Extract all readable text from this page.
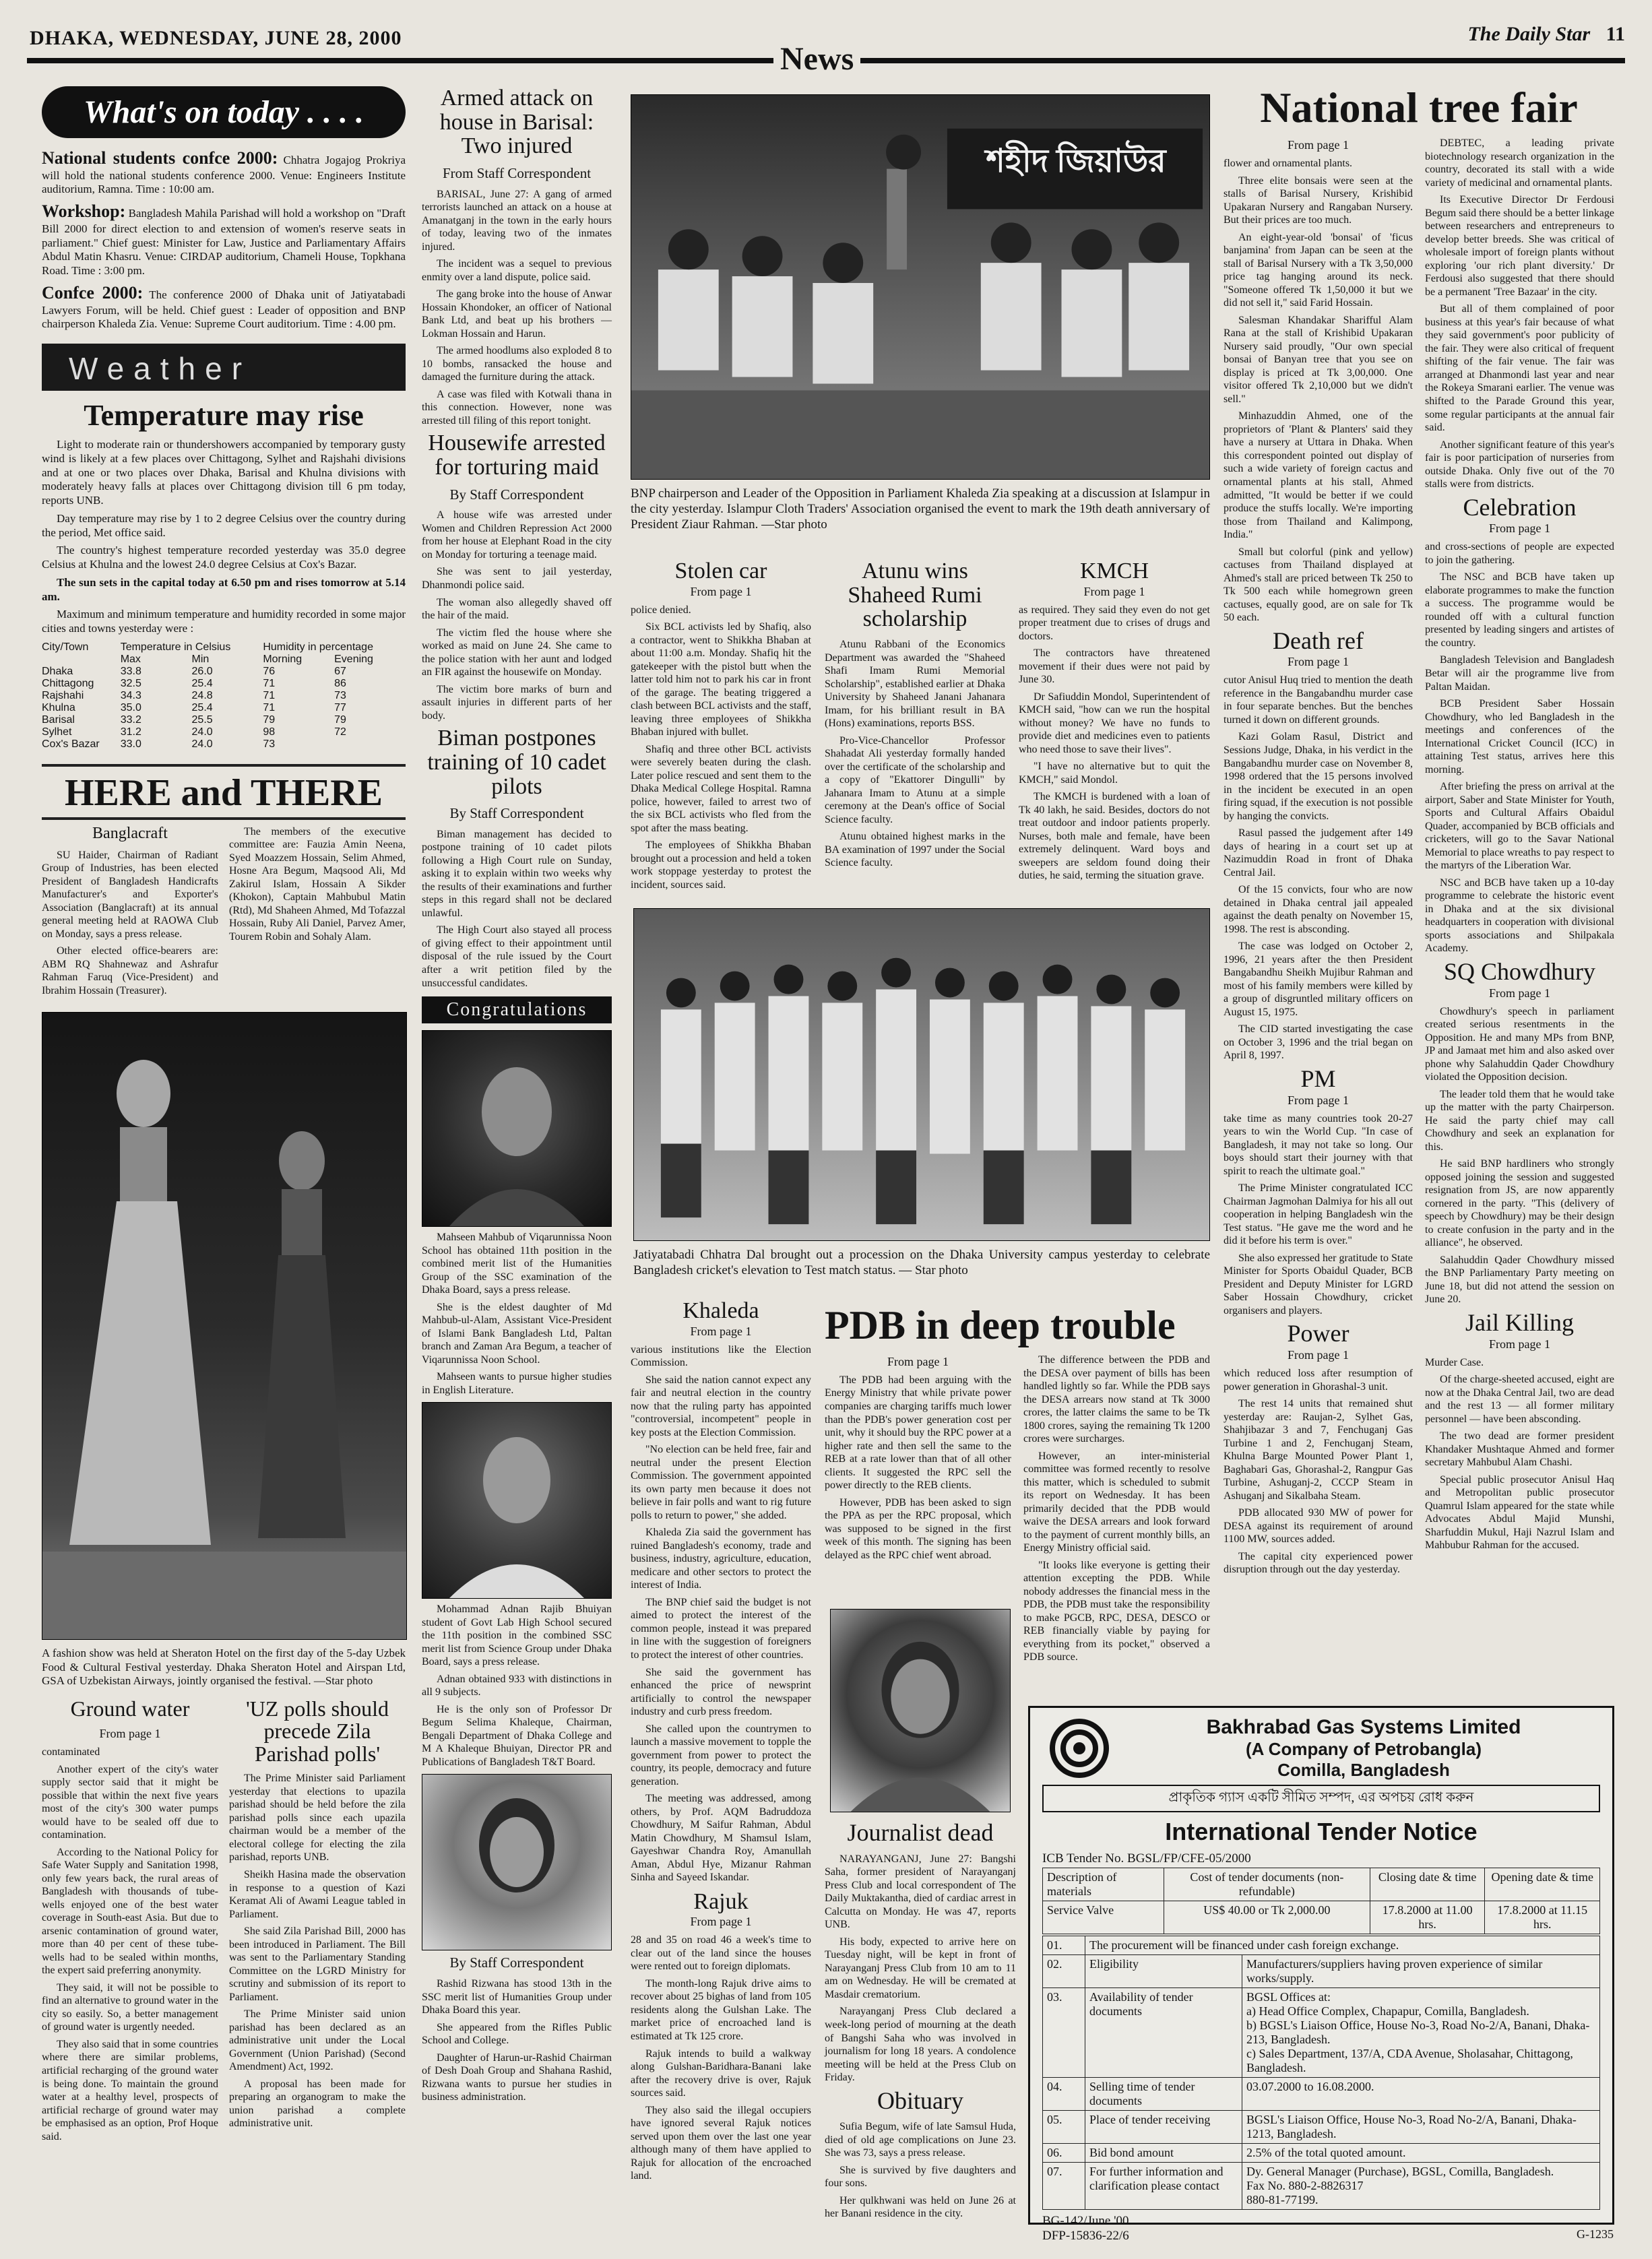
DHAKA, WEDNESDAY, JUNE 28, 2000	The Daily Star 11
News
What's on today . . . .

National students confce 2000: Chhatra Jogajog Prokriya will hold the national students conference 2000. Venue: Engineers Institute auditorium, Ramna. Time : 10:00 am.

Workshop: Bangladesh Mahila Parishad will hold a workshop on "Draft Bill 2000 for direct election to and extension of women's reserve seats in parliament." Chief guest: Minister for Law, Justice and Parliamentary Affairs Abdul Matin Khasru. Venue: CIRDAP auditorium, Chameli House, Topkhana Road. Time : 3:00 pm.

Confce 2000: The conference 2000 of Dhaka unit of Jatiyatabadi Lawyers Forum, will be held. Chief guest : Leader of opposition and BNP chairperson Khaleda Zia. Venue: Supreme Court auditorium. Time : 4.00 pm.

Weather
Temperature may rise

Light to moderate rain or thundershowers accompanied by temporary gusty wind is likely at a few places over Chittagong, Sylhet and Rajshahi divisions and at one or two places over Dhaka, Barisal and Khulna divisions with moderately heavy falls at places over Chittagong division till 6 pm today, reports UNB.

Day temperature may rise by 1 to 2 degree Celsius over the country during the period, Met office said.

The country's highest temperature recorded yesterday was 35.0 degree Celsius at Khulna and the lowest 24.0 degree Celsius at Cox's Bazar.

The sun sets in the capital today at 6.50 pm and rises tomorrow at 5.14 am.

Maximum and minimum temperature and humidity recorded in some major cities and towns yesterday were :

City/Town	Temperature in Celsius		Humidity in percentage	
	Max	Min	Morning	Evening
Dhaka	33.8	26.0	76	67
Chittagong	32.5	25.4	71	86
Rajshahi	34.3	24.8	71	73
Khulna	35.0	25.4	71	77
Barisal	33.2	25.5	79	79
Sylhet	31.2	24.0	98	72
Cox's Bazar	33.0	24.0	73	
HERE and THERE
Banglacraft

SU Haider, Chairman of Radiant Group of Industries, has been elected President of Bangladesh Handicrafts Manufacturer's and Exporter's Association (Banglacraft) at its annual general meeting held at RAOWA Club on Monday, says a press release.

Other elected office-bearers are: ABM RQ Shahnewaz and Ashrafur Rahman Faruq (Vice-President) and Ibrahim Hossain (Treasurer).

The members of the executive committee are: Fauzia Amin Neena, Syed Moazzem Hossain, Selim Ahmed, Hosne Ara Begum, Maqsood Ali, Md Zakirul Islam, Hossain A Sikder (Khokon), Captain Mahbubul Matin (Rtd), Md Shaheen Ahmed, Md Tofazzal Hossain, Ruby Ali Daniel, Parvez Amer, Tourem Robin and Sohaly Alam.

A fashion show was held at Sheraton Hotel on the first day of the 5-day Uzbek Food & Cultural Festival yesterday. Dhaka Sheraton Hotel and Airspan Ltd, GSA of Uzbekistan Airways, jointly organised the festival. —Star photo
Ground water
From page 1

contaminated

Another expert of the city's water supply sector said that it might be possible that within the next five years most of the city's 300 water pumps would have to be sealed off due to contamination.

According to the National Policy for Safe Water Supply and Sanitation 1998, only few years back, the rural areas of Bangladesh with thousands of tube-wells enjoyed one of the best water coverage in South-east Asia. But due to arsenic contamination of ground water, more than 40 per cent of these tube-wells had to be sealed within months, the expert said preferring anonymity.

They said, it will not be possible to find an alternative to ground water in the city so easily. So, a better management of ground water is urgently needed.

They also said that in some countries where there are similar problems, artificial recharging of the ground water is being done. To maintain the ground water at a healthy level, prospects of artificial recharge of ground water may be emphasised as an option, Prof Hoque said.

'UZ polls should precede Zila Parishad polls'

The Prime Minister said Parliament yesterday that elections to upazila parishad should be held before the zila parishad polls since each upazila chairman would be a member of the electoral college for electing the zila parishad, reports UNB.

Sheikh Hasina made the observation in response to a question of Kazi Keramat Ali of Awami League tabled in Parliament.

She said Zila Parishad Bill, 2000 has been introduced in Parliament. The Bill was sent to the Parliamentary Standing Committee on the LGRD Ministry for scrutiny and submission of its report to Parliament.

The Prime Minister said union parishad has been declared as an administrative unit under the Local Government (Union Parishad) (Second Amendment) Act, 1992.

A proposal has been made for preparing an organogram to make the union parishad a complete administrative unit.

Armed attack on house in Barisal: Two injured
From Staff Correspondent

BARISAL, June 27: A gang of armed terrorists launched an attack on a house at Amanatganj in the town in the early hours of today, leaving two of the inmates injured.

The incident was a sequel to previous enmity over a land dispute, police said.

The gang broke into the house of Anwar Hossain Khondoker, an officer of National Bank Ltd, and beat up his brothers — Lokman Hossain and Harun.

The armed hoodlums also exploded 8 to 10 bombs, ransacked the house and damaged the furniture during the attack.

A case was filed with Kotwali thana in this connection. However, none was arrested till filing of this report tonight.

Housewife arrested for torturing maid
By Staff Correspondent

A house wife was arrested under Women and Children Repression Act 2000 from her house at Elephant Road in the city on Monday for torturing a teenage maid.

She was sent to jail yesterday, Dhanmondi police said.

The woman also allegedly shaved off the hair of the maid.

The victim fled the house where she worked as maid on June 24. She came to the police station with her aunt and lodged an FIR against the housewife on Monday.

The victim bore marks of burn and assault injuries in different parts of her body.

Biman postpones training of 10 cadet pilots
By Staff Correspondent

Biman management has decided to postpone training of 10 cadet pilots following a High Court rule on Sunday, asking it to explain within two weeks why the results of their examinations and further steps in this regard shall not be declared unlawful.

The High Court also stayed all process of giving effect to their appointment until disposal of the rule issued by the Court after a writ petition filed by the unsuccessful candidates.

Congratulations

Mahseen Mahbub of Viqarunnissa Noon School has obtained 11th position in the combined merit list of the Humanities Group of the SSC examination of the Dhaka Board, says a press release.

She is the eldest daughter of Md Mahbub-ul-Alam, Assistant Vice-President of Islami Bank Bangladesh Ltd, Paltan branch and Zaman Ara Begum, a teacher of Viqarunnissa Noon School.

Mahseen wants to pursue higher studies in English Literature.

Mohammad Adnan Rajib Bhuiyan student of Govt Lab High School secured the 11th position in the combined SSC merit list from Science Group under Dhaka Board, says a press release.

Adnan obtained 933 with distinctions in all 9 subjects.

He is the only son of Professor Dr Begum Selima Khaleque, Chairman, Bengali Department of Dhaka College and M A Khaleque Bhuiyan, Director PR and Publications of Bangladesh T&T Board.

By Staff Correspondent

Rashid Rizwana has stood 13th in the SSC merit list of Humanities Group under Dhaka Board this year.

She appeared from the Rifles Public School and College.

Daughter of Harun-ur-Rashid Chairman of Desh Doah Group and Shahana Rashid, Rizwana wants to pursue her studies in business administration.

শহীদ জিয়াউর
BNP chairperson and Leader of the Opposition in Parliament Khaleda Zia speaking at a discussion at Islampur in the city yesterday. Islampur Cloth Traders' Association organised the event to mark the 19th death anniversary of President Ziaur Rahman. —Star photo
Stolen car
From page 1

police denied.

Six BCL activists led by Shafiq, also a contractor, went to Shikkha Bhaban at about 11:00 a.m. Monday. Shafiq hit the gatekeeper with the pistol butt when the latter told him not to park his car in front of the garage. The beating triggered a clash between BCL activists and the staff, leaving three employees of Shikkha Bhaban injured with bullet.

Shafiq and three other BCL activists were severely beaten during the clash. Later police rescued and sent them to the Dhaka Medical College Hospital. Ramna police, however, failed to arrest two of the six BCL activists who fled from the spot after the mass beating.

The employees of Shikkha Bhaban brought out a procession and held a token work stoppage yesterday to protest the incident, sources said.

Atunu wins Shaheed Rumi scholarship

Atunu Rabbani of the Economics Department was awarded the "Shaheed Shafi Imam Rumi Memorial Scholarship", established earlier at Dhaka University by Shaheed Janani Jahanara Imam, for his brilliant result in BA (Hons) examinations, reports BSS.

Pro-Vice-Chancellor Professor Shahadat Ali yesterday formally handed over the certificate of the scholarship and a copy of "Ekattorer Dingulli" by Jahanara Imam to Atunu at a simple ceremony at the Dean's office of Social Science faculty.

Atunu obtained highest marks in the BA examination of 1997 under the Social Science faculty.

KMCH
From page 1

as required. They said they even do not get proper treatment due to crises of drugs and doctors.

The contractors have threatened movement if their dues were not paid by June 30.

Dr Safiuddin Mondol, Superintendent of KMCH said, "how can we run the hospital without money? We have no funds to provide diet and medicines even to patients who need those to save their lives".

"I have no alternative but to quit the KMCH," said Mondol.

The KMCH is burdened with a loan of Tk 40 lakh, he said. Besides, doctors do not treat outdoor and indoor patients properly. Nurses, both male and female, have been extremely delinquent. Ward boys and sweepers are seldom found doing their duties, he said, terming the situation grave.

Jatiyatabadi Chhatra Dal brought out a procession on the Dhaka University campus yesterday to celebrate Bangladesh cricket's elevation to Test match status. — Star photo
Khaleda
From page 1

various institutions like the Election Commission.

She said the nation cannot expect any fair and neutral election in the country now that the ruling party has appointed "controversial, incompetent" people in key posts at the Election Commission.

"No election can be held free, fair and neutral under the present Election Commission. The government appointed its own party men because it does not believe in fair polls and want to rig future polls to return to power," she added.

Khaleda Zia said the government has ruined Bangladesh's economy, trade and business, industry, agriculture, education, medicare and other sectors to protect the interest of India.

The BNP chief said the budget is not aimed to protect the interest of the common people, instead it was prepared in line with the suggestion of foreigners to protect the interest of other countries.

She said the government has enhanced the price of newsprint artificially to control the newspaper industry and curb press freedom.

She called upon the countrymen to launch a massive movement to topple the government from power to protect the country, its people, democracy and future generation.

The meeting was addressed, among others, by Prof. AQM Badruddoza Chowdhury, M Saifur Rahman, Abdul Matin Chowdhury, M Shamsul Islam, Gayeshwar Chandra Roy, Amanullah Aman, Abdul Hye, Mizanur Rahman Sinha and Sayeed Iskandar.

Rajuk
From page 1

28 and 35 on road 46 a week's time to clear out of the land since the houses were rented out to foreign diplomats.

The month-long Rajuk drive aims to recover about 25 bighas of land from 105 residents along the Gulshan Lake. The market price of encroached land is estimated at Tk 125 crore.

Rajuk intends to build a walkway along Gulshan-Baridhara-Banani lake after the recovery drive is over, Rajuk sources said.

They also said the illegal occupiers have ignored several Rajuk notices served upon them over the last one year although many of them have applied to Rajuk for allocation of the encroached land.

PDB in deep trouble
From page 1

The PDB had been arguing with the Energy Ministry that while private power companies are charging tariffs much lower than the PDB's power generation cost per unit, why it should buy the RPC power at a higher rate and then sell the same to the REB at a rate lower than that of all other clients. It suggested the RPC sell the power directly to the REB clients.

However, PDB has been asked to sign the PPA as per the RPC proposal, which was supposed to be signed in the first week of this month. The signing has been delayed as the RPC chief went abroad.

The difference between the PDB and the DESA over payment of bills has been handled lightly so far. While the PDB says the DESA arrears now stand at Tk 3000 crores, the latter claims the same to be Tk 1800 crores, saying the remaining Tk 1200 crores were surcharges.

However, an inter-ministerial committee was formed recently to resolve this matter, which is scheduled to submit its report on Wednesday. It has been primarily decided that the PDB would waive the DESA arrears and look forward to the payment of current monthly bills, an Energy Ministry official said.

"It looks like everyone is getting their attention excepting the PDB. While nobody addresses the financial mess in the PDB, the PDB must take the responsibility to make PGCB, RPC, DESA, DESCO or REB financially viable by paying for everything from its pocket," observed a PDB source.

Journalist dead

NARAYANGANJ, June 27: Bangshi Saha, former president of Narayanganj Press Club and local correspondent of The Daily Muktakantha, died of cardiac arrest in Calcutta on Monday. He was 47, reports UNB.

His body, expected to arrive here on Tuesday night, will be kept in front of Narayanganj Press Club from 10 am to 11 am on Wednesday. He will be cremated at Masdair crematorium.

Narayanganj Press Club declared a week-long period of mourning at the death of Bangshi Saha who was involved in journalism for long 18 years. A condolence meeting will be held at the Press Club on Friday.

Obituary

Sufia Begum, wife of late Samsul Huda, died of old age complications on June 23. She was 73, says a press release.

She is survived by five daughters and four sons.

Her qulkhwani was held on June 26 at her Banani residence in the city.

National tree fair
From page 1

flower and ornamental plants.

Three elite bonsais were seen at the stalls of Barisal Nursery, Krishibid Upakaran Nursery and Rangaban Nursery. But their prices are too much.

An eight-year-old 'bonsai' of 'ficus banjamina' from Japan can be seen at the stall of Barisal Nursery with a Tk 3,50,000 price tag hanging around its neck. "Someone offered Tk 1,50,000 it but we did not sell it," said Farid Hossain.

Salesman Khandakar Sharifful Alam Rana at the stall of Krishibid Upakaran Nursery said proudly, "Our own special bonsai of Banyan tree that you see on display is priced at Tk 3,00,000. One visitor offered Tk 2,10,000 but we didn't sell."

Minhazuddin Ahmed, one of the proprietors of 'Plant & Planters' said they have a nursery at Uttara in Dhaka. When this correspondent pointed out display of such a wide variety of foreign cactus and ornamental plants at his stall, Ahmed admitted, "It would be better if we could produce the stuffs locally. We're importing those from Thailand and Kalimpong, India."

Small but colorful (pink and yellow) cactuses from Thailand displayed at Ahmed's stall are priced between Tk 250 to Tk 500 each while homegrown green cactuses, equally good, are on sale for Tk 50 each.

Death ref
From page 1

cutor Anisul Huq tried to mention the death reference in the Bangabandhu murder case in four separate benches. But the benches turned it down on different grounds.

Kazi Golam Rasul, District and Sessions Judge, Dhaka, in his verdict in the Bangabandhu murder case on November 8, 1998 ordered that the 15 persons involved in the incident be executed in an open firing squad, if the execution is not possible by hanging the convicts.

Rasul passed the judgement after 149 days of hearing in a court set up at Nazimuddin Road in front of Dhaka Central Jail.

Of the 15 convicts, four who are now detained in Dhaka central jail appealed against the death penalty on November 15, 1998. The rest is absconding.

The case was lodged on October 2, 1996, 21 years after the then President Bangabandhu Sheikh Mujibur Rahman and most of his family members were killed by a group of disgruntled military officers on August 15, 1975.

The CID started investigating the case on October 3, 1996 and the trial began on April 8, 1997.

PM
From page 1

take time as many countries took 20-27 years to win the World Cup. "In case of Bangladesh, it may not take so long. Our boys should start their journey with that spirit to reach the ultimate goal."

The Prime Minister congratulated ICC Chairman Jagmohan Dalmiya for his all out cooperation in helping Bangladesh win the Test status. "He gave me the word and he did it before his term is over."

She also expressed her gratitude to State Minister for Sports Obaidul Quader, BCB President and Deputy Minister for LGRD Saber Hossain Chowdhury, cricket organisers and players.

Power
From page 1

which reduced loss after resumption of power generation in Ghorashal-3 unit.

The rest 14 units that remained shut yesterday are: Raujan-2, Sylhet Gas, Shahjibazar 3 and 7, Fenchuganj Gas Turbine 1 and 2, Fenchuganj Steam, Khulna Barge Mounted Power Plant 1, Baghabari Gas, Ghorashal-2, Rangpur Gas Turbine, Ashuganj-2, CCCP Steam in Ashuganj and Sikalbaha Steam.

PDB allocated 930 MW of power for DESA against its requirement of around 1100 MW, sources added.

The capital city experienced power disruption through out the day yesterday.

DEBTEC, a leading private biotechnology research organization in the country, decorated its stall with a wide variety of medicinal and ornamental plants.

Its Executive Director Dr Ferdousi Begum said there should be a better linkage between researchers and entrepreneurs to develop better breeds. She was critical of wholesale import of foreign plants without exploring 'our rich plant diversity.' Dr Ferdousi also suggested that there should be a permanent 'Tree Bazaar' in the city.

But all of them complained of poor business at this year's fair because of what they said government's poor publicity of the fair. They were also critical of frequent shifting of the fair venue. The fair was arranged at Dhanmondi last year and near the Rokeya Smarani earlier. The venue was shifted to the Parade Ground this year, some regular participants at the annual fair said.

Another significant feature of this year's fair is poor participation of nurseries from outside Dhaka. Only five out of the 70 stalls were from districts.

Celebration
From page 1

and cross-sections of people are expected to join the gathering.

The NSC and BCB have taken up elaborate programmes to make the function a success. The programme would be rounded off with a cultural function presented by leading singers and artistes of the country.

Bangladesh Television and Bangladesh Betar will air the programme live from Paltan Maidan.

BCB President Saber Hossain Chowdhury, who led Bangladesh in the meetings and conferences of the International Cricket Council (ICC) in attaining Test status, arrives here this morning.

After briefing the press on arrival at the airport, Saber and State Minister for Youth, Sports and Cultural Affairs Obaidul Quader, accompanied by BCB officials and cricketers, will go to the Savar National Memorial to place wreaths to pay respect to the martyrs of the Liberation War.

NSC and BCB have taken up a 10-day programme to celebrate the historic event in Dhaka and at the six divisional headquarters in cooperation with divisional sports associations and Shilpakala Academy.

SQ Chowdhury
From page 1

Chowdhury's speech in parliament created serious resentments in the Opposition. He and many MPs from BNP, JP and Jamaat met him and also asked over phone why Salahuddin Qader Chowdhury violated the Opposition decision.

The leader told them that he would take up the matter with the party Chairperson. He said the party chief may call Chowdhury and seek an explanation for this.

He said BNP hardliners who strongly opposed joining the session and suggested resignation from JS, are now apparently cornered in the party. "This (delivery of speech by Chowdhury) may be their design to create confusion in the party and in the alliance", he observed.

Salahuddin Qader Chowdhury missed the BNP Parliamentary Party meeting on June 18, but did not attend the session on June 20.

Jail Killing
From page 1

Murder Case.

Of the charge-sheeted accused, eight are now at the Dhaka Central Jail, two are dead and the rest 13 — all former military personnel — have been absconding.

The two dead are former president Khandaker Mushtaque Ahmed and former secretary Mahbubul Alam Chashi.

Special public prosecutor Anisul Haq and Metropolitan public prosecutor Quamrul Islam appeared for the state while Advocates Abdul Majid Munshi, Sharfuddin Mukul, Haji Nazrul Islam and Mahbubur Rahman for the accused.

Bakhrabad Gas Systems Limited
(A Company of Petrobangla)
Comilla, Bangladesh
প্রাকৃতিক গ্যাস একটি সীমিত সম্পদ, এর অপচয় রোধ করুন
International Tender Notice
ICB Tender No. BGSL/FP/CFE-05/2000
Description of materials	Cost of tender documents (non-refundable)	Closing date & time	Opening date & time
Service Valve	US$ 40.00 or Tk 2,000.00	17.8.2000 at 11.00 hrs.	17.8.2000 at 11.15 hrs.
01.	The procurement will be financed under cash foreign exchange.	
02.	Eligibility	Manufacturers/suppliers having proven experience of similar works/supply.
03.	Availability of tender documents	BGSL Offices at:
a) Head Office Complex, Chapapur, Comilla, Bangladesh.
b) BGSL's Liaison Office, House No-3, Road No-2/A, Banani, Dhaka-213, Bangladesh.
c) Sales Department, 137/A, CDA Avenue, Sholasahar, Chittagong, Bangladesh.
04.	Selling time of tender documents	03.07.2000 to 16.08.2000.
05.	Place of tender receiving	BGSL's Liaison Office, House No-3, Road No-2/A, Banani, Dhaka-1213, Bangladesh.
06.	Bid bond amount	2.5% of the total quoted amount.
07.	For further information and clarification please contact	Dy. General Manager (Purchase), BGSL, Comilla, Bangladesh.
Fax No. 880-2-8826317
880-81-77199.
BG-142/June '00
DFP-15836-22/6	G-1235
